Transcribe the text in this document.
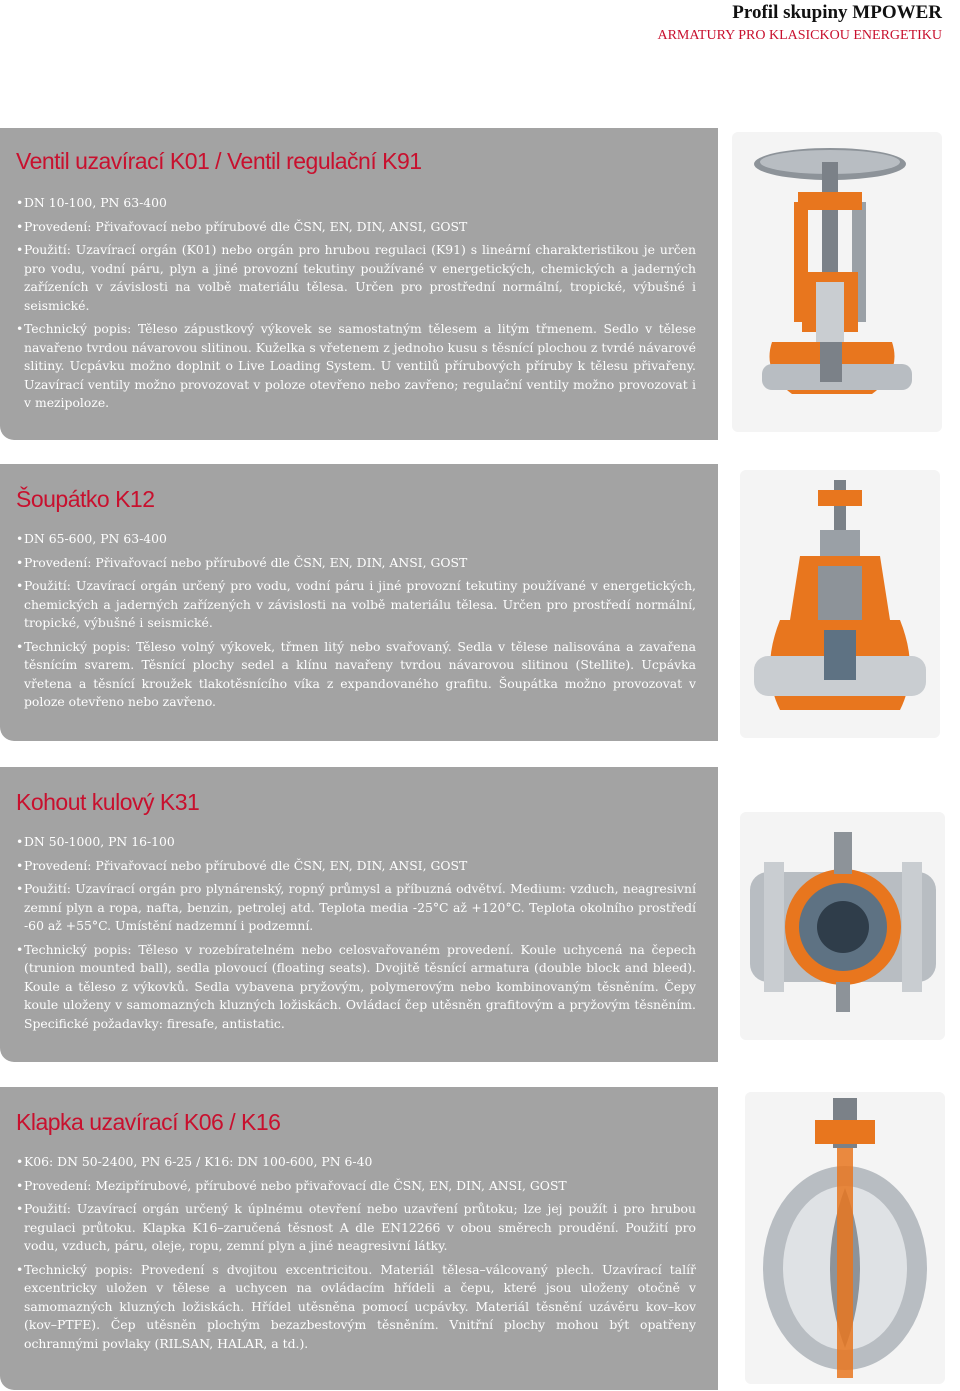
Profil skupiny MPOWER
ARMATURY PRO KLASICKOU ENERGETIKU
Ventil uzavírací K01 / Ventil regulační K91
•DN 10-100, PN 63-400
•Provedení: Přivařovací nebo přírubové dle ČSN, EN, DIN, ANSI, GOST
•Použití: Uzavírací orgán (K01) nebo orgán pro hrubou regulaci (K91) s lineární charakteristikou je určen pro vodu, vodní páru, plyn a jiné provozní tekutiny používané v energetických, chemických a jaderných zařízeních v závislosti na volbě materiálu tělesa. Určen pro prostřední normální, tropické, výbušné i seismické.
•Technický popis: Těleso zápustkový výkovek se samostatným tělesem a litým třmenem. Sedlo v tělese navařeno tvrdou návarovou slitinou. Kuželka s vřetenem z jednoho kusu s těsnící plochou z tvrdé návarové slitiny. Ucpávku možno doplnit o Live Loading System. U ventilů přírubových příruby k tělesu přivařeny. Uzavírací ventily možno provozovat v poloze otevřeno nebo zavřeno; regulační ventily možno provozovat i v mezipoloze.
Šoupátko K12
•DN 65-600, PN 63-400
•Provedení: Přivařovací nebo přírubové dle ČSN, EN, DIN, ANSI, GOST
•Použití: Uzavírací orgán určený pro vodu, vodní páru i jiné provozní tekutiny používané v energetických, chemických a jaderných zařízených v závislosti na volbě materiálu tělesa. Určen pro prostředí normální, tropické, výbušné i seismické.
•Technický popis: Těleso volný výkovek, třmen litý nebo svařovaný. Sedla v tělese nalisována a zavařena těsnícím svarem. Těsnící plochy sedel a klínu navařeny tvrdou návarovou slitinou (Stellite). Ucpávka vřetena a těsnící kroužek tlakotěsnícího víka z expandovaného grafitu. Šoupátka možno provozovat v poloze otevřeno nebo zavřeno.
Kohout kulový K31
•DN 50-1000, PN 16-100
•Provedení: Přivařovací nebo přírubové dle ČSN, EN, DIN, ANSI, GOST
•Použití: Uzavírací orgán pro plynárenský, ropný průmysl a příbuzná odvětví. Medium: vzduch, neagresivní zemní plyn a ropa, nafta, benzin, petrolej atd. Teplota media -25°C až +120°C. Teplota okolního prostředí -60 až +55°C. Umístění nadzemní i podzemní.
•Technický popis: Těleso v rozebíratelném nebo celosvařovaném provedení. Koule uchycená na čepech (trunion mounted ball), sedla plovoucí (floating seats). Dvojitě těsnící armatura (double block and bleed). Koule a těleso z výkovků. Sedla vybavena pryžovým, polymerovým nebo kombinovaným těsněním. Čepy koule uloženy v samomazných kluzných ložiskách. Ovládací čep utěsněn grafitovým a pryžovým těsněním. Specifické požadavky: firesafe, antistatic.
Klapka uzavírací K06 / K16
•K06: DN 50-2400, PN 6-25 / K16: DN 100-600, PN 6-40
•Provedení: Mezipřírubové, přírubové nebo přivařovací dle ČSN, EN, DIN, ANSI, GOST
•Použití: Uzavírací orgán určený k úplnému otevření nebo uzavření průtoku; lze jej použít i pro hrubou regulaci průtoku. Klapka K16–zaručená těsnost A dle EN12266 v obou směrech proudění. Použití pro vodu, vzduch, páru, oleje, ropu, zemní plyn a jiné neagresivní látky.
•Technický popis: Provedení s dvojitou excentricitou. Materiál tělesa–válcovaný plech. Uzavírací talíř excentricky uložen v tělese a uchycen na ovládacím hřídeli a čepu, které jsou uloženy otočně v samomazných kluzných ložiskách. Hřídel utěsněna pomocí ucpávky. Materiál těsnění uzávěru kov–kov (kov–PTFE). Čep utěsněn plochým bezazbestovým těsněním. Vnitřní plochy mohou být opatřeny ochrannými povlaky (RILSAN, HALAR, a td.).
